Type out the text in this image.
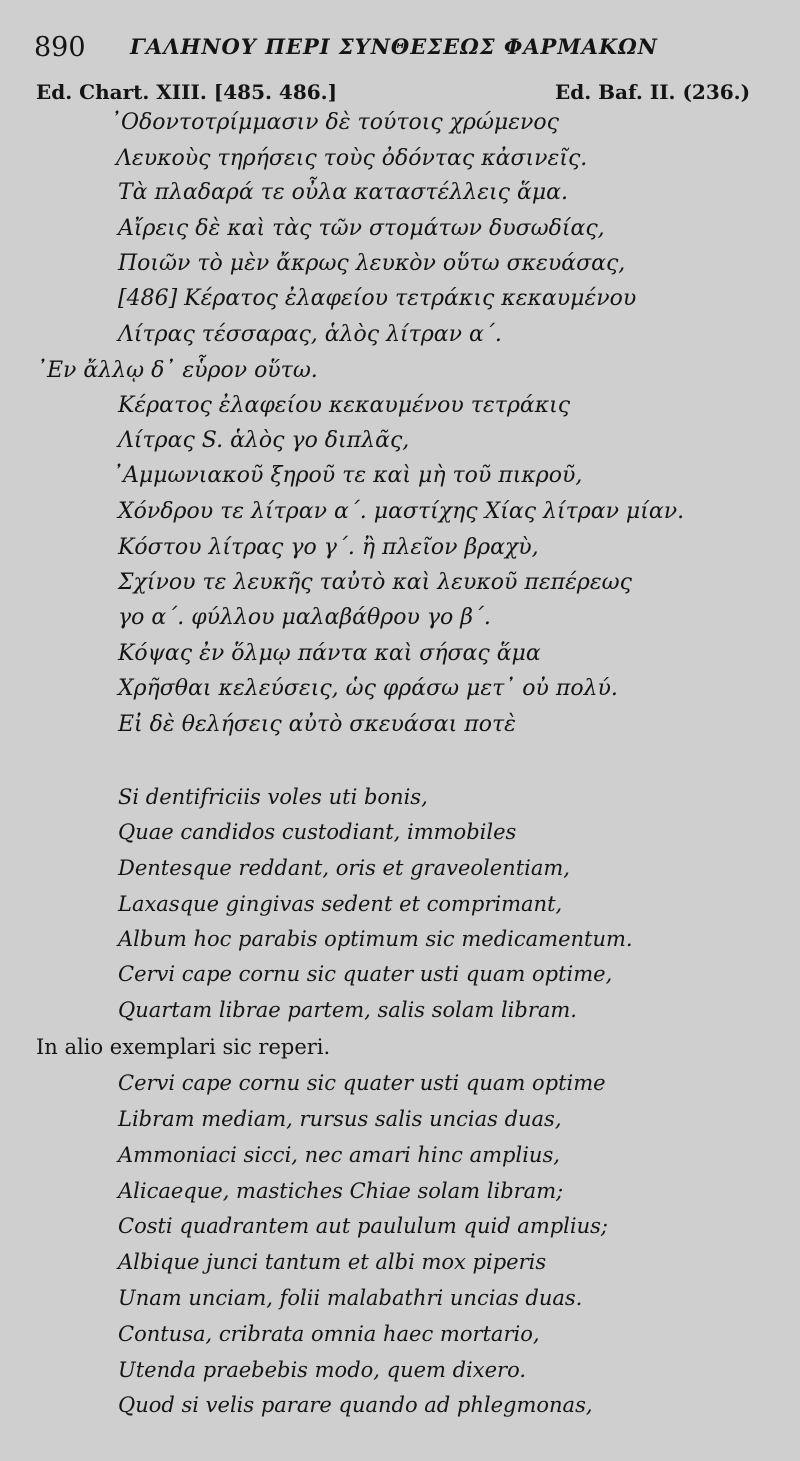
890 ΓΑΛΗΝΟΥ ΠΕΡΙ ΣΥΝΘΕΣΕΩΣ ΦΑΡΜΑΚΩΝ
Ed. Chart. XIII. [485. 486.]	Ed. Baf. II. (236.)
᾿Οδοντοτρίμμασιν δὲ τούτοις χρώμενος
Λευκοὺς τηρήσεις τοὺς ὀδόντας κἀσινεῖς.
Τὰ πλαδαρά τε οὖλα καταστέλλεις ἅμα.
Αἴρεις δὲ καὶ τὰς τῶν στομάτων δυσωδίας,
Ποιῶν τὸ μὲν ἄκρως λευκὸν οὕτω σκευάσας,
[486] Κέρατος ἐλαφείου τετράκις κεκαυμένου
Λίτρας τέσσαρας, ἁλὸς λίτραν α΄.
᾿Εν ἄλλῳ δ᾿ εὗρον οὕτω.
Κέρατος ἐλαφείου κεκαυμένου τετράκις
Λίτρας S. ἁλὸς γο διπλᾶς,
᾿Αμμωνιακοῦ ξηροῦ τε καὶ μὴ τοῦ πικροῦ,
Χόνδρου τε λίτραν α΄. μαστίχης Χίας λίτραν μίαν.
Κόστου λίτρας γο γ΄. ἢ πλεῖον βραχὺ,
Σχίνου τε λευκῆς ταὐτὸ καὶ λευκοῦ πεπέρεως
γο α΄. φύλλου μαλαβάθρου γο β΄.
Κόψας ἐν ὅλμῳ πάντα καὶ σήσας ἅμα
Χρῆσθαι κελεύσεις, ὡς φράσω μετ᾿ οὐ πολύ.
Εἰ δὲ θελήσεις αὐτὸ σκευάσαι ποτὲ
Si dentifriciis voles uti bonis,
Quae candidos custodiant, immobiles
Dentesque reddant, oris et graveolentiam,
Laxasque gingivas sedent et comprimant,
Album hoc parabis optimum sic medicamentum.
Cervi cape cornu sic quater usti quam optime,
Quartam librae partem, salis solam libram.
In alio exemplari sic reperi.
Cervi cape cornu sic quater usti quam optime
Libram mediam, rursus salis uncias duas,
Ammoniaci sicci, nec amari hinc amplius,
Alicaeque, mastiches Chiae solam libram;
Costi quadrantem aut paululum quid amplius;
Albique junci tantum et albi mox piperis
Unam unciam, folii malabathri uncias duas.
Contusa, cribrata omnia haec mortario,
Utenda praebebis modo, quem dixero.
Quod si velis parare quando ad phlegmonas,
